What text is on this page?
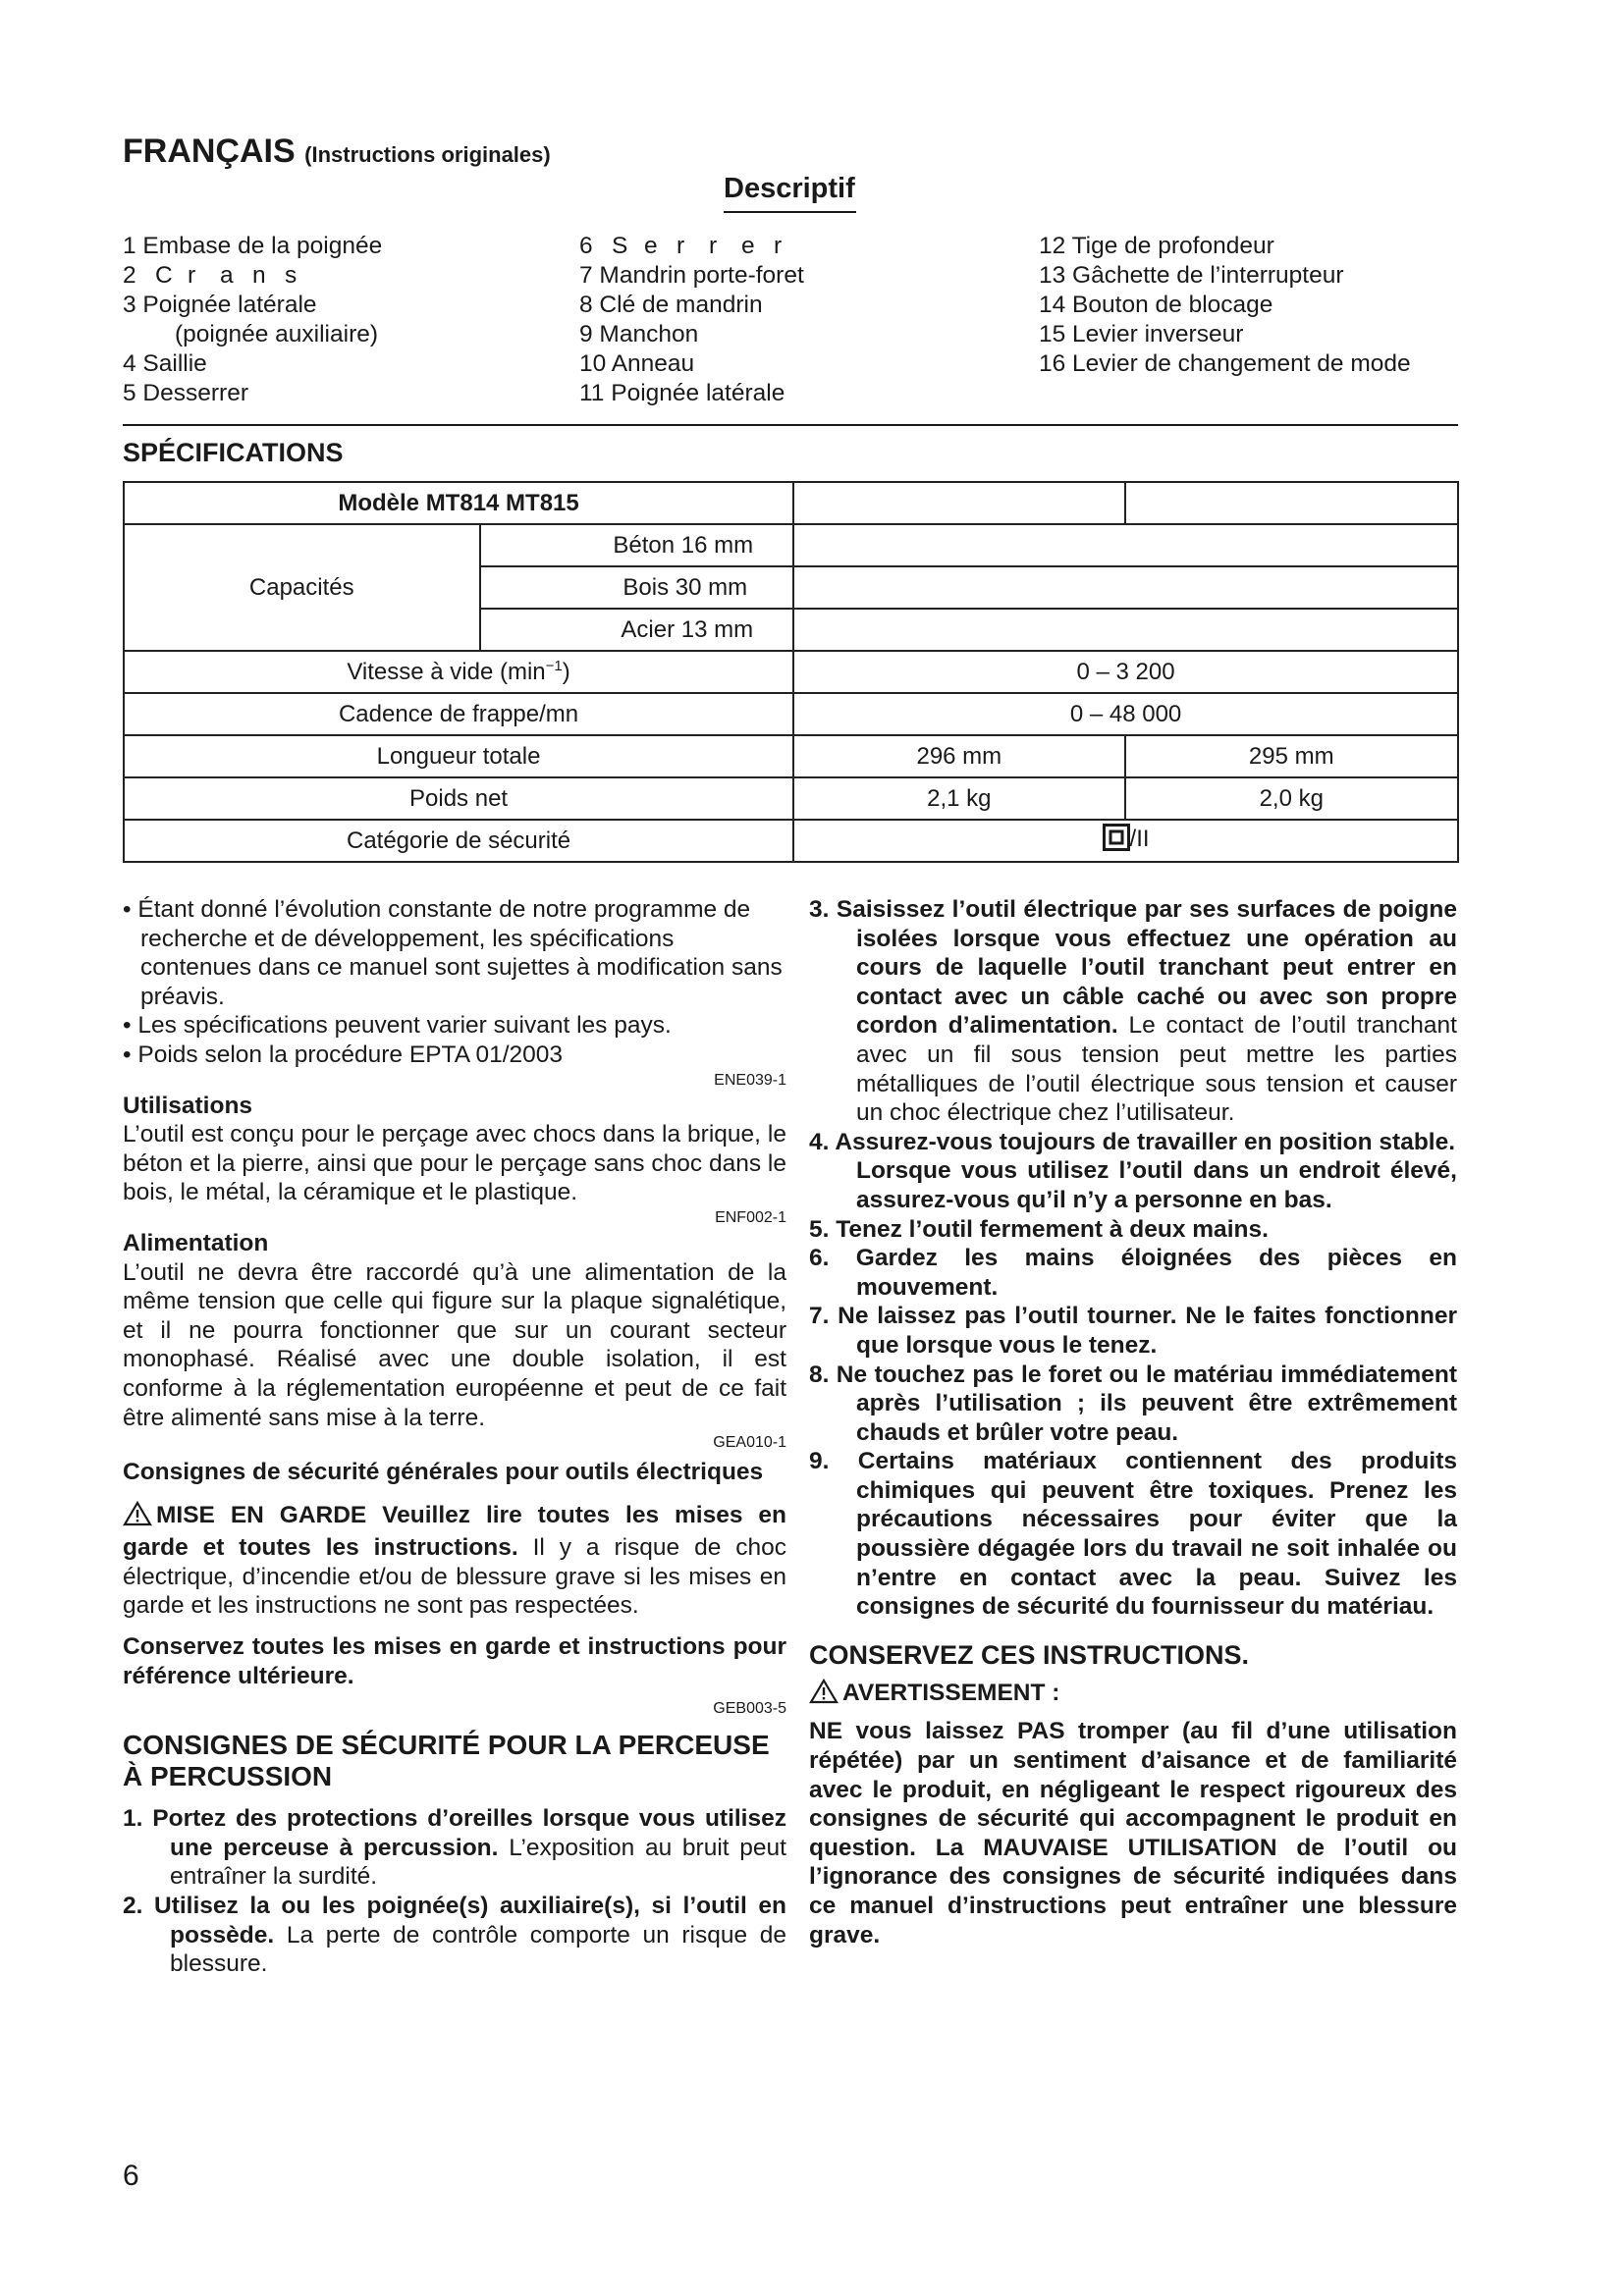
FRANÇAIS (Instructions originales)
Descriptif
1 Embase de la poignée
2 C r a n s
3 Poignée latérale
(poignée auxiliaire)
4 Saillie
5 Desserrer
6 S e r r e r
7 Mandrin porte-foret
8 Clé de mandrin
9 Manchon
10 Anneau
11 Poignée latérale
12 Tige de profondeur
13 Gâchette de l’interrupteur
14 Bouton de blocage
15 Levier inverseur
16 Levier de changement de mode
SPÉCIFICATIONS
Modèle MT814 MT815			
Capacités	Béton 16 mm		
	Bois 30 mm		
	Acier 13 mm		
Vitesse à vide $(\min^{-1})$		0 – 3 200	
Cadence de frappe/mn		0 – 48 000	
Longueur totale		296 mm	295 mm
Poids net		2,1 kg	2,0 kg
Catégorie de sécurité		/II	

• Étant donné l’évolution constante de notre programme de recherche et de développement, les spécifications contenues dans ce manuel sont sujettes à modification sans préavis.

• Les spécifications peuvent varier suivant les pays.

• Poids selon la procédure EPTA 01/2003

ENE039-1

Utilisations

L’outil est conçu pour le perçage avec chocs dans la brique, le béton et la pierre, ainsi que pour le perçage sans choc dans le bois, le métal, la céramique et le plastique.

ENF002-1

Alimentation

L’outil ne devra être raccordé qu’à une alimentation de la même tension que celle qui figure sur la plaque signalétique, et il ne pourra fonctionner que sur un courant secteur monophasé. Réalisé avec une double isolation, il est conforme à la réglementation européenne et peut de ce fait être alimenté sans mise à la terre.

GEA010-1

Consignes de sécurité générales pour outils électriques

MISE EN GARDE Veuillez lire toutes les mises en garde et toutes les instructions. Il y a risque de choc électrique, d’incendie et/ou de blessure grave si les mises en garde et les instructions ne sont pas respectées.

Conservez toutes les mises en garde et instructions pour référence ultérieure.

GEB003-5

CONSIGNES DE SÉCURITÉ POUR LA PERCEUSE À PERCUSSION

1. Portez des protections d’oreilles lorsque vous utilisez une perceuse à percussion. L’exposition au bruit peut entraîner la surdité.

2. Utilisez la ou les poignée(s) auxiliaire(s), si l’outil en possède. La perte de contrôle comporte un risque de blessure.

3. Saisissez l’outil électrique par ses surfaces de poigne isolées lorsque vous effectuez une opération au cours de laquelle l’outil tranchant peut entrer en contact avec un câble caché ou avec son propre cordon d’alimentation. Le contact de l’outil tranchant avec un fil sous tension peut mettre les parties métalliques de l’outil électrique sous tension et causer un choc électrique chez l’utilisateur.

4. Assurez-vous toujours de travailler en position stable.

Lorsque vous utilisez l’outil dans un endroit élevé, assurez-vous qu’il n’y a personne en bas.

5. Tenez l’outil fermement à deux mains.

6. Gardez les mains éloignées des pièces en mouvement.

7. Ne laissez pas l’outil tourner. Ne le faites fonctionner que lorsque vous le tenez.

8. Ne touchez pas le foret ou le matériau immédiatement après l’utilisation ; ils peuvent être extrêmement chauds et brûler votre peau.

9. Certains matériaux contiennent des produits chimiques qui peuvent être toxiques. Prenez les précautions nécessaires pour éviter que la poussière dégagée lors du travail ne soit inhalée ou n’entre en contact avec la peau. Suivez les consignes de sécurité du fournisseur du matériau.

CONSERVEZ CES INSTRUCTIONS.

AVERTISSEMENT :

NE vous laissez PAS tromper (au fil d’une utilisation répétée) par un sentiment d’aisance et de familiarité avec le produit, en négligeant le respect rigoureux des consignes de sécurité qui accompagnent le produit en question. La MAUVAISE UTILISATION de l’outil ou l’ignorance des consignes de sécurité indiquées dans ce manuel d’instructions peut entraîner une blessure grave.

6
